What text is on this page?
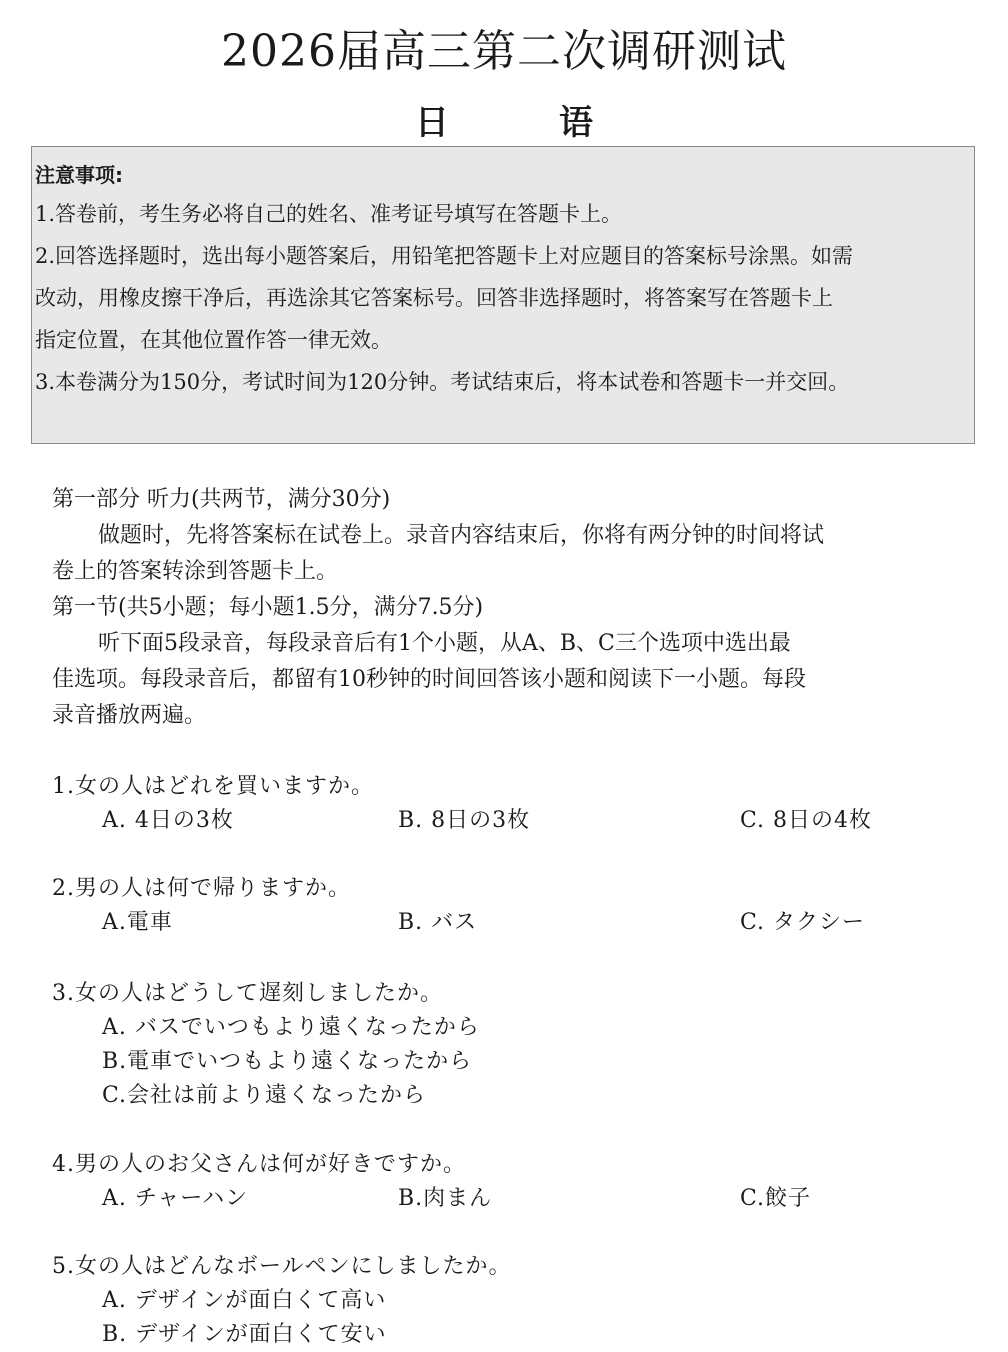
2026届高三第二次调研测试
日	语
注意事项:

1.答卷前，考生务必将自己的姓名、准考证号填写在答题卡上。

2.回答选择题时，选出每小题答案后，用铅笔把答题卡上对应题目的答案标号涂黑。如需

改动，用橡皮擦干净后，再选涂其它答案标号。回答非选择题时，将答案写在答题卡上

指定位置，在其他位置作答一律无效。

3.本卷满分为150分，考试时间为120分钟。考试结束后，将本试卷和答题卡一并交回。

第一部分 听力(共两节，满分30分)
做题时，先将答案标在试卷上。录音内容结束后，你将有两分钟的时间将试
卷上的答案转涂到答题卡上。
第一节(共5小题；每小题1.5分，满分7.5分)
听下面5段录音，每段录音后有1个小题，从A、B、C三个选项中选出最
佳选项。每段录音后，都留有10秒钟的时间回答该小题和阅读下一小题。每段
录音播放两遍。
1.女の人はどれを買いますか。
A. 4日の3枚	B. 8日の3枚	C. 8日の4枚
2.男の人は何で帰りますか。
A.電車	B. バス	C. タクシー
3.女の人はどうして遅刻しましたか。
A. バスでいつもより遠くなったから
B.電車でいつもより遠くなったから
C.会社は前より遠くなったから
4.男の人のお父さんは何が好きですか。
A. チャーハン	B.肉まん	C.餃子
5.女の人はどんなボールペンにしましたか。
A. デザインが面白くて高い
B. デザインが面白くて安い
